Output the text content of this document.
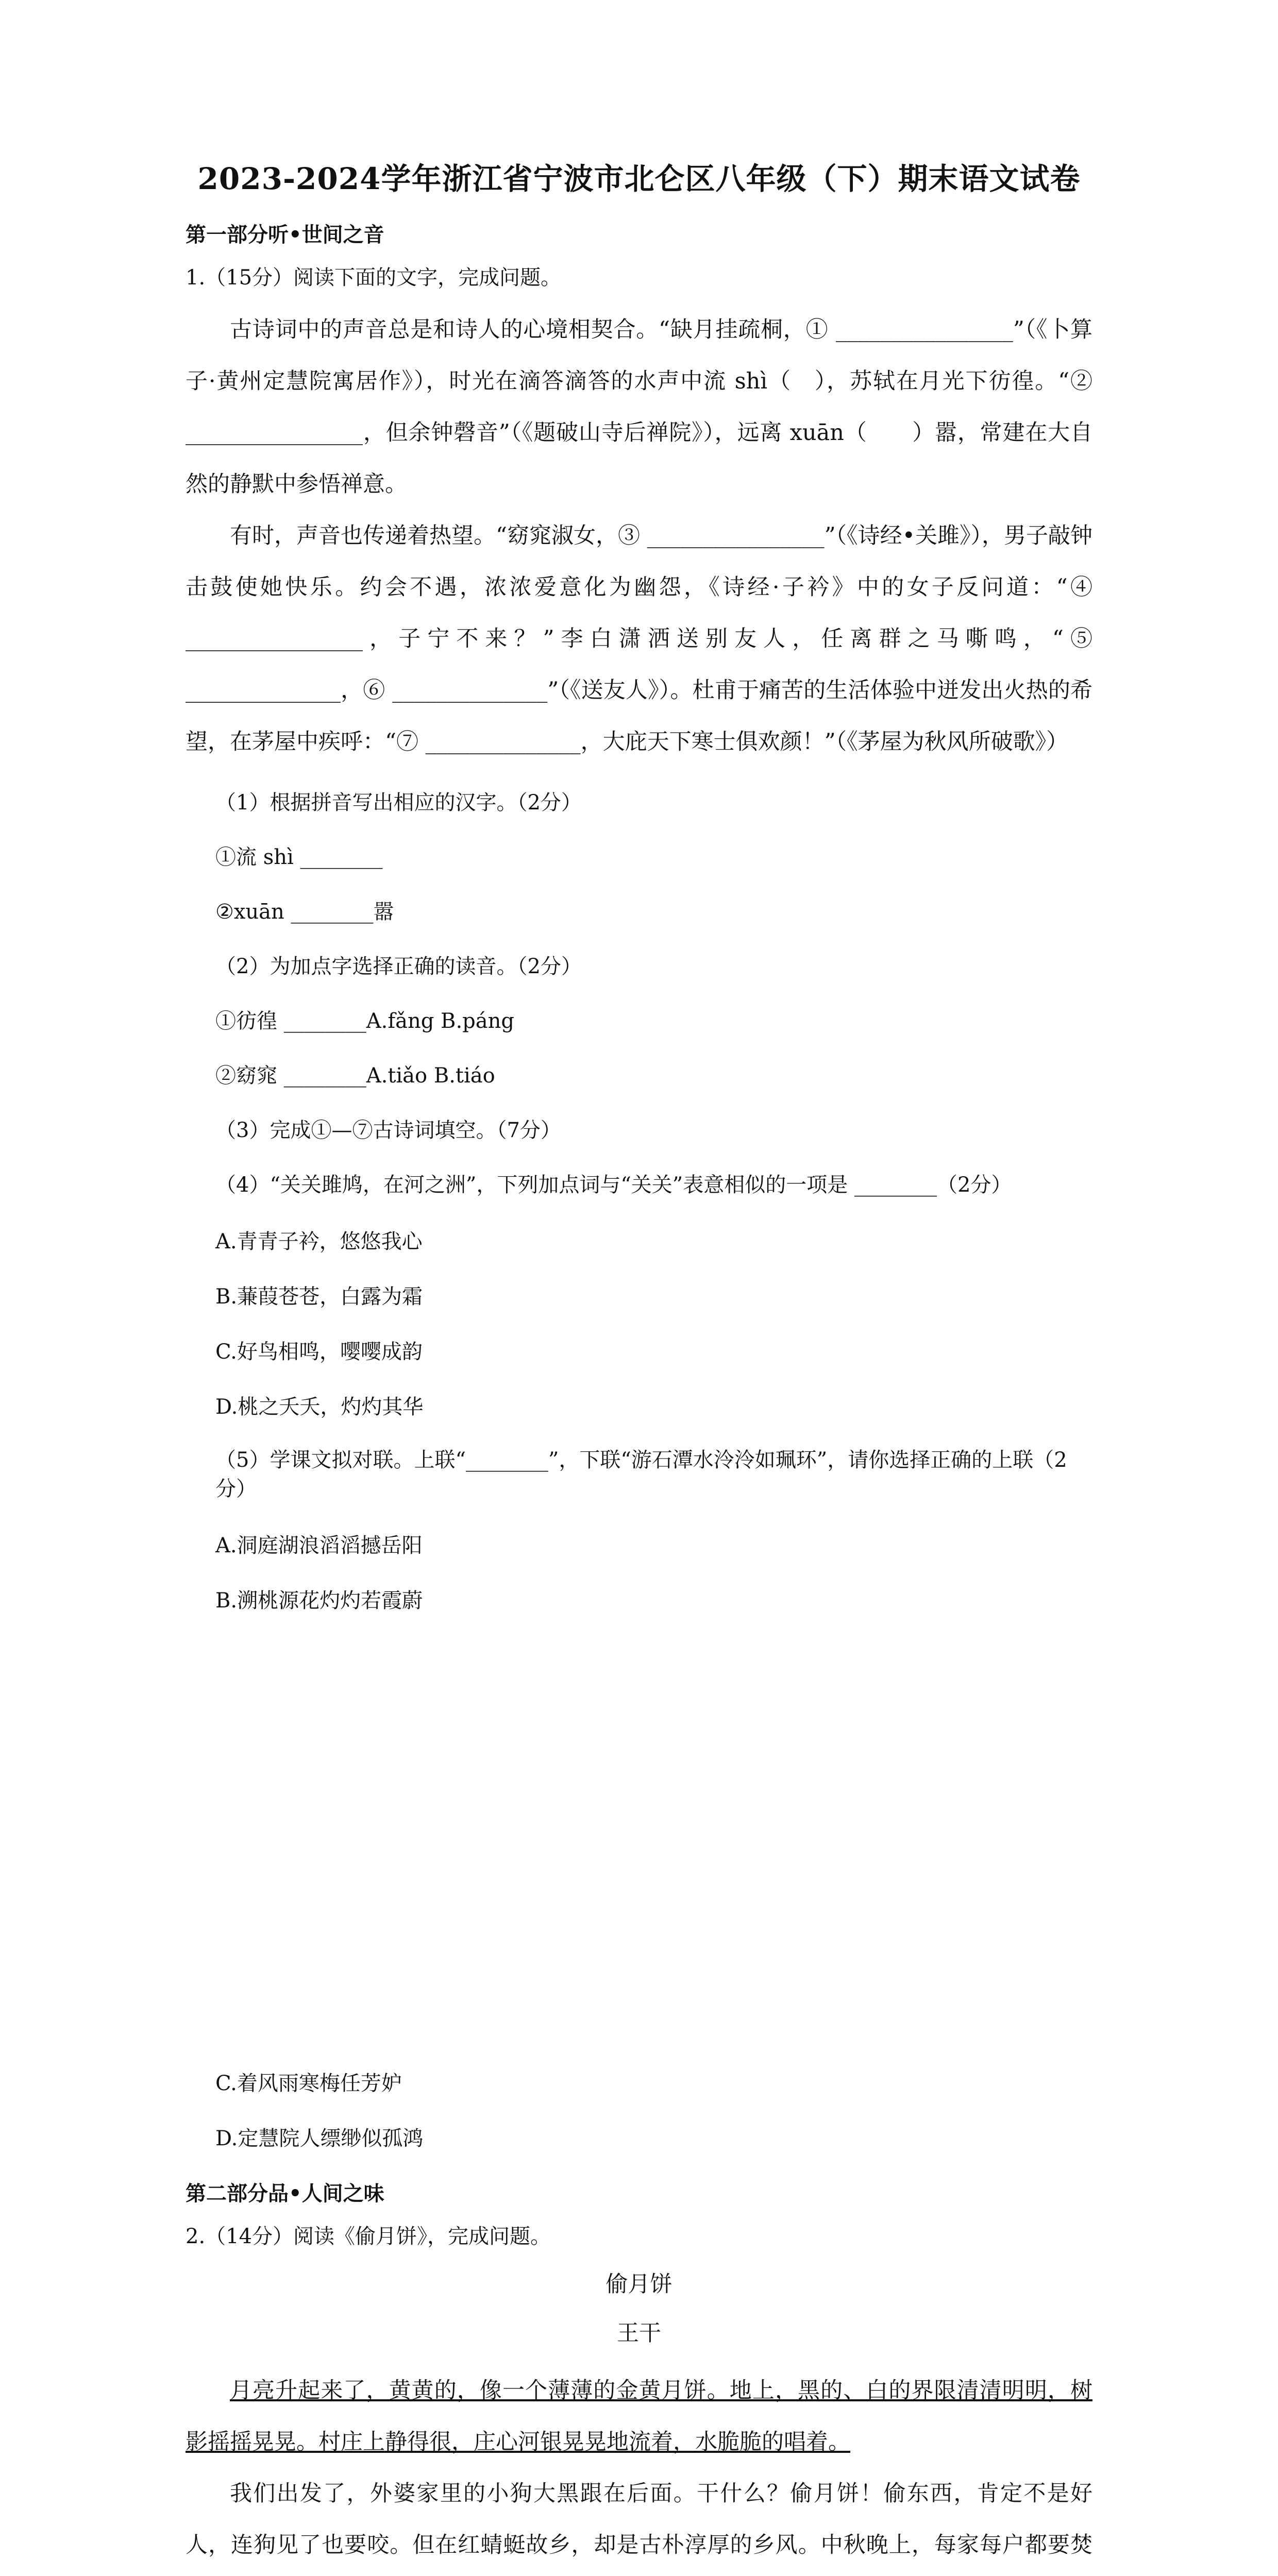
2023-2024学年浙江省宁波市北仑区八年级（下）期末语文试卷
第一部分听•世间之音
1.（15分）阅读下面的文字，完成问题。

古诗词中的声音总是和诗人的心境相契合。“缺月挂疏桐，① ________________”（《卜算子·黄州定慧院寓居作》），时光在滴答滴答的水声中流 shì（　），苏轼在月光下彷徨。“② ________________，但余钟磬音”（《题破山寺后禅院》），远离 xuān（　　）嚣，常建在大自然的静默中参悟禅意。

有时，声音也传递着热望。“窈窕淑女，③ ________________”（《诗经•关雎》），男子敲钟击鼓使她快乐。约会不遇，浓浓爱意化为幽怨，《诗经·子衿》中的女子反问道：“④ ________________，子宁不来？”李白潇洒送别友人，任离群之马嘶鸣，“⑤ ______________，⑥ ______________”（《送友人》）。杜甫于痛苦的生活体验中迸发出火热的希望，在茅屋中疾呼：“⑦ ______________，大庇天下寒士俱欢颜！”（《茅屋为秋风所破歌》）

（1）根据拼音写出相应的汉字。（2分）
①流 shì ________
②xuān ________嚣
（2）为加点字选择正确的读音。（2分）
①彷徨 ________A.fǎng B.páng
②窈窕 ________A.tiǎo B.tiáo
（3）完成①—⑦古诗词填空。（7分）
（4）“关关雎鸠，在河之洲”，下列加点词与“关关”表意相似的一项是 ________（2分）
A.青青子衿，悠悠我心
B.蒹葭苍苍，白露为霜
C.好鸟相鸣，嘤嘤成韵
D.桃之夭夭，灼灼其华
（5）学课文拟对联。上联“________”，下联“游石潭水泠泠如珮环”，请你选择正确的上联（2分）
A.洞庭湖浪滔滔撼岳阳
B.溯桃源花灼灼若霞蔚
C.着风雨寒梅任芳妒
D.定慧院人缥缈似孤鸿
第二部分品•人间之味
2.（14分）阅读《偷月饼》，完成问题。
偷月饼
王干

月亮升起来了，黄黄的，像一个薄薄的金黄月饼。地上，黑的、白的界限清清明明，树影摇摇晃晃。村庄上静得很，庄心河银晃晃地流着，水脆脆的唱着。

我们出发了，外婆家里的小狗大黑跟在后面。干什么？偷月饼！偷东西，肯定不是好人，连狗见了也要咬。但在红蜻蜓故乡，却是古朴淳厚的乡风。中秋晚上，每家每户都要焚
